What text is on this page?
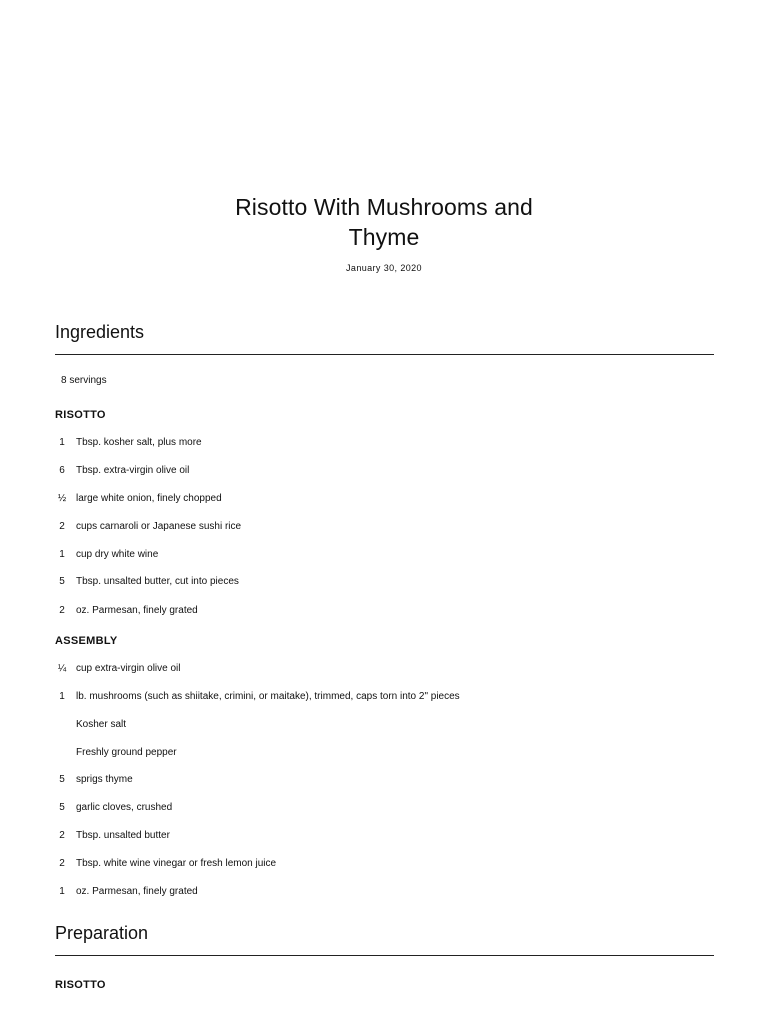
Risotto With Mushrooms and
Thyme
January 30, 2020
Ingredients
8 servings
RISOTTO
1	Tbsp. kosher salt, plus more
6	Tbsp. extra-virgin olive oil
½ large white onion, finely chopped
2	cups carnaroli or Japanese sushi rice
1	cup dry white wine
5	Tbsp. unsalted butter, cut into pieces
2	oz. Parmesan, finely grated
ASSEMBLY
¼ cup extra-virgin olive oil
1	lb. mushrooms (such as shiitake, crimini, or maitake), trimmed, caps torn into 2" pieces
Kosher salt
Freshly ground pepper
5	sprigs thyme
5	garlic cloves, crushed
2	Tbsp. unsalted butter
2	Tbsp. white wine vinegar or fresh lemon juice
1	oz. Parmesan, finely grated
Preparation
RISOTTO
